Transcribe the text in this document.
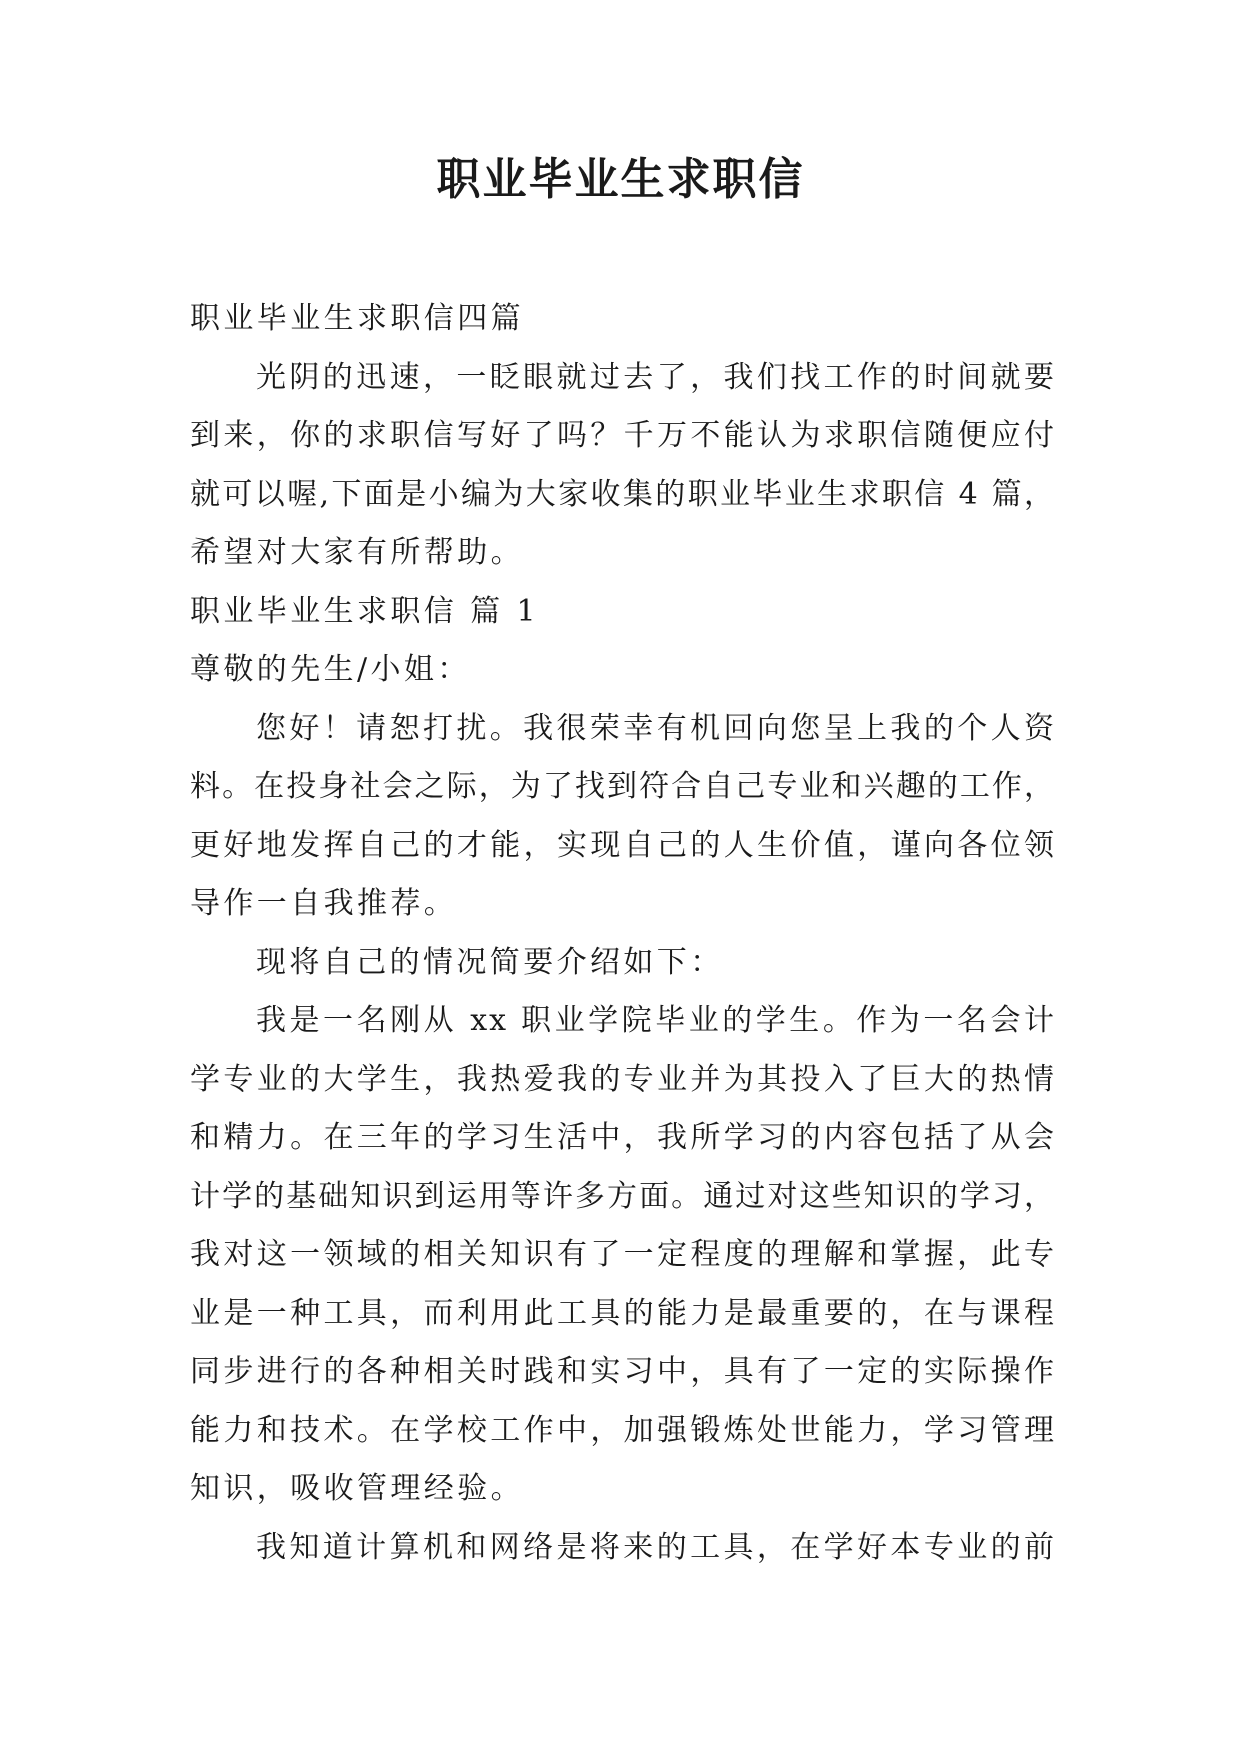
职业毕业生求职信

职业毕业生求职信四篇

光阴的迅速，一眨眼就过去了，我们找工作的时间就要

到来，你的求职信写好了吗？千万不能认为求职信随便应付

就可以喔,下面是小编为大家收集的职业毕业生求职信 4 篇，

希望对大家有所帮助。

职业毕业生求职信 篇 1

尊敬的先生/小姐：

您好！请恕打扰。我很荣幸有机回向您呈上我的个人资

料。在投身社会之际，为了找到符合自己专业和兴趣的工作，

更好地发挥自己的才能，实现自己的人生价值，谨向各位领

导作一自我推荐。

现将自己的情况简要介绍如下：

我是一名刚从 xx 职业学院毕业的学生。作为一名会计

学专业的大学生，我热爱我的专业并为其投入了巨大的热情

和精力。在三年的学习生活中，我所学习的内容包括了从会

计学的基础知识到运用等许多方面。通过对这些知识的学习，

我对这一领域的相关知识有了一定程度的理解和掌握，此专

业是一种工具，而利用此工具的能力是最重要的，在与课程

同步进行的各种相关时践和实习中，具有了一定的实际操作

能力和技术。在学校工作中，加强锻炼处世能力，学习管理

知识，吸收管理经验。

我知道计算机和网络是将来的工具，在学好本专业的前
